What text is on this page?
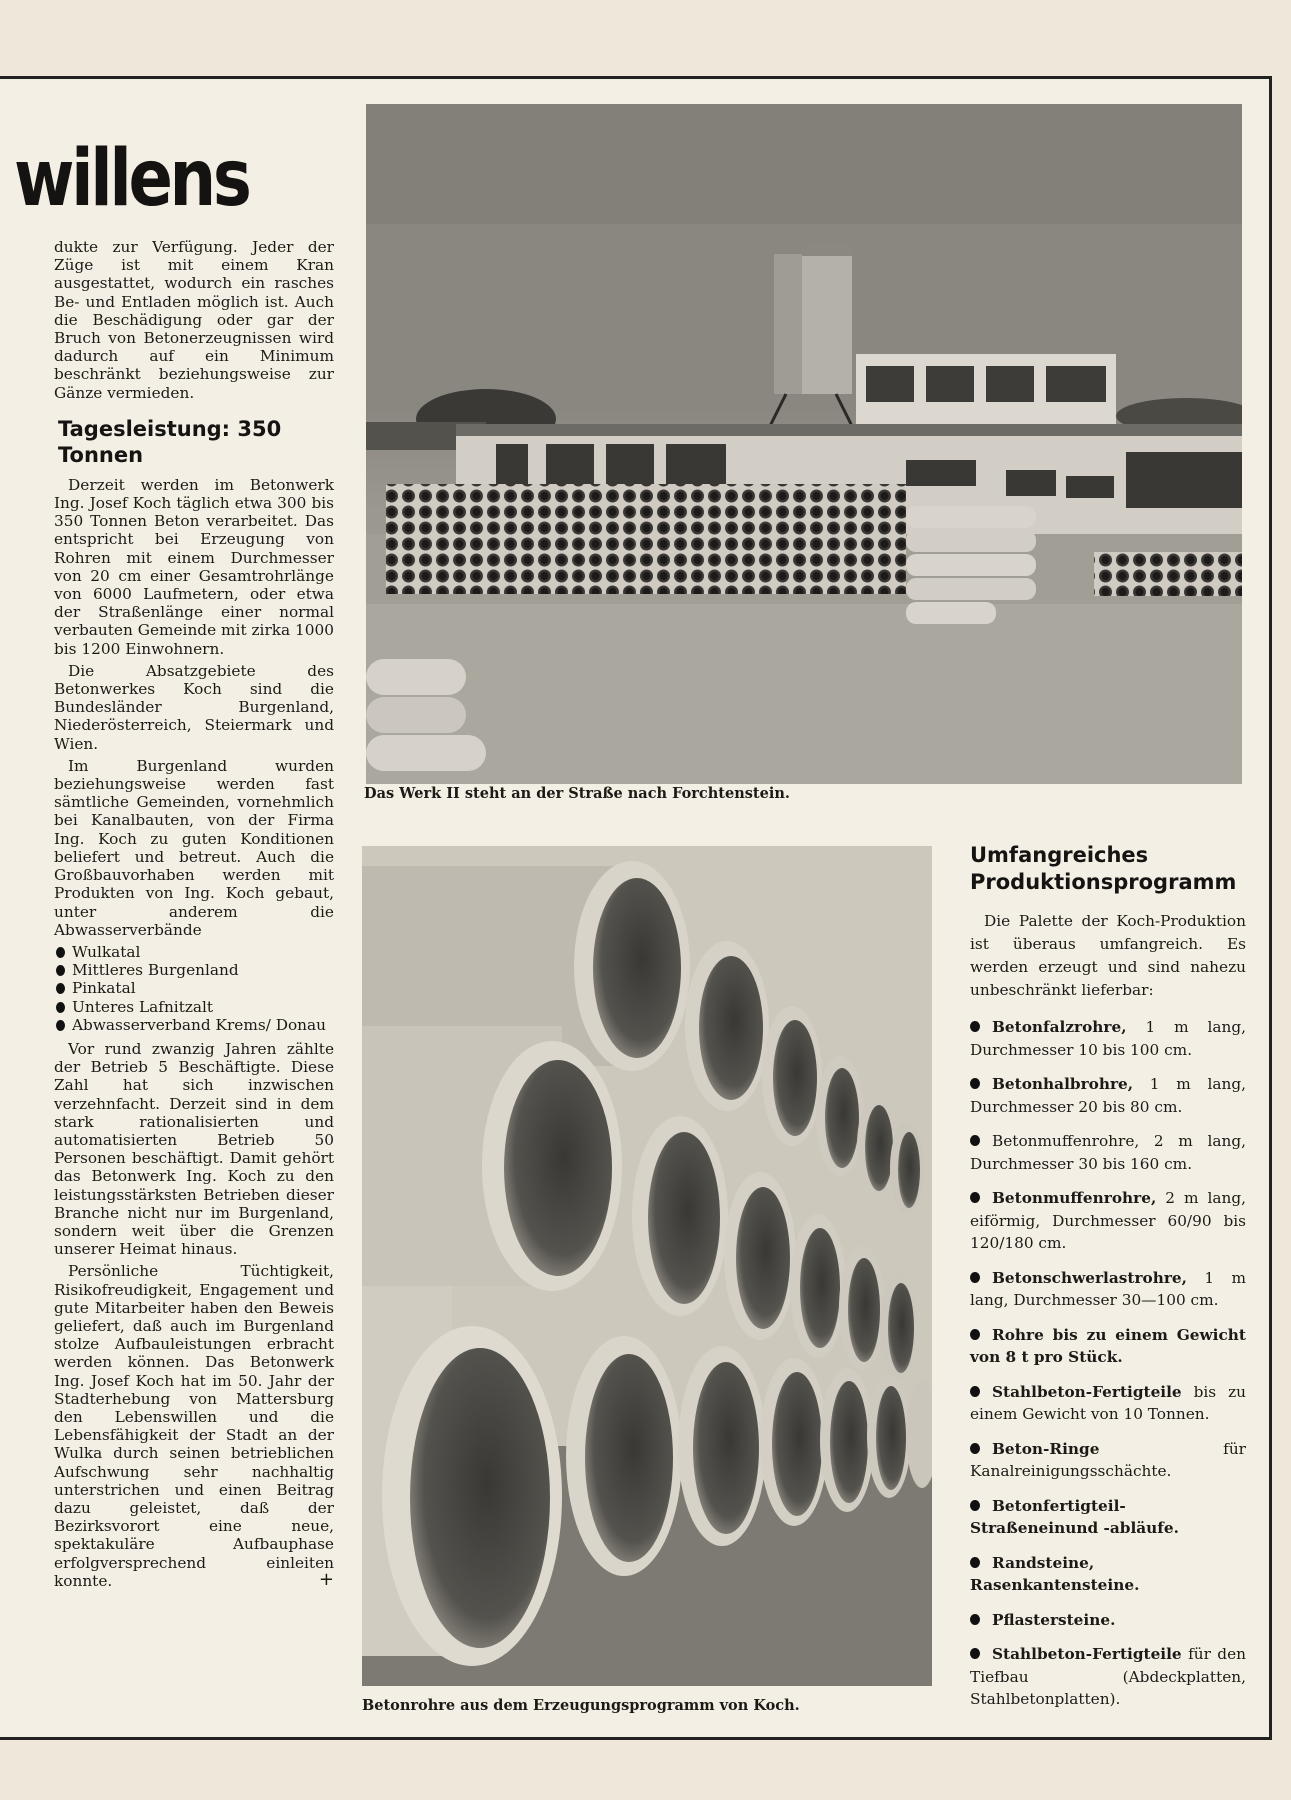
willens

dukte zur Verfügung. Jeder der Züge ist mit einem Kran ausgestattet, wodurch ein rasches Be- und Entladen möglich ist. Auch die Beschädigung oder gar der Bruch von Betonerzeugnissen wird dadurch auf ein Minimum beschränkt beziehungsweise zur Gänze vermieden.

Tagesleistung: 350 Tonnen

Derzeit werden im Betonwerk Ing. Josef Koch täglich etwa 300 bis 350 Tonnen Beton verarbeitet. Das entspricht bei Erzeugung von Rohren mit einem Durchmesser von 20 cm einer Gesamtrohrlänge von 6000 Laufmetern, oder etwa der Straßenlänge einer normal verbauten Gemeinde mit zirka 1000 bis 1200 Einwohnern.

Die Absatzgebiete des Betonwerkes Koch sind die Bundesländer Burgenland, Niederösterreich, Steiermark und Wien.

Im Burgenland wurden beziehungsweise werden fast sämtliche Gemeinden, vornehmlich bei Kanalbauten, von der Firma Ing. Koch zu guten Konditionen beliefert und betreut. Auch die Großbauvorhaben werden mit Produkten von Ing. Koch gebaut, unter anderem die Abwasserverbände

Wulkatal
Mittleres Burgenland
Pinkatal
Unteres Lafnitzalt
Abwasserverband Krems/ Donau

Vor rund zwanzig Jahren zählte der Betrieb 5 Beschäftigte. Diese Zahl hat sich inzwischen verzehnfacht. Derzeit sind in dem stark rationalisierten und automatisierten Betrieb 50 Personen beschäftigt. Damit gehört das Betonwerk Ing. Koch zu den leistungsstärksten Betrieben dieser Branche nicht nur im Burgenland, sondern weit über die Grenzen unserer Heimat hinaus.

Persönliche Tüchtigkeit, Risikofreudigkeit, Engagement und gute Mitarbeiter haben den Beweis geliefert, daß auch im Burgenland stolze Aufbauleistungen erbracht werden können. Das Betonwerk Ing. Josef Koch hat im 50. Jahr der Stadterhebung von Mattersburg den Lebenswillen und die Lebensfähigkeit der Stadt an der Wulka durch seinen betrieblichen Aufschwung sehr nachhaltig unterstrichen und einen Beitrag dazu geleistet, daß der Bezirksvorort eine neue, spektakuläre Aufbauphase erfolgversprechend einleiten konnte.	+

Das Werk II steht an der Straße nach Forchtenstein.
Betonrohre aus dem Erzeugungsprogramm von Koch.
Umfangreiches Produktionsprogramm

Die Palette der Koch-Produktion ist überaus umfangreich. Es werden erzeugt und sind nahezu unbeschränkt lieferbar:

Betonfalzrohre, 1 m lang, Durchmesser 10 bis 100 cm.
Betonhalbrohre, 1 m lang, Durchmesser 20 bis 80 cm.
Betonmuffenrohre, 2 m lang, Durchmesser 30 bis 160 cm.
Betonmuffenrohre, 2 m lang, eiförmig, Durchmesser 60/90 bis 120/180 cm.
Betonschwerlastrohre, 1 m lang, Durchmesser 30—100 cm.
Rohre bis zu einem Gewicht von 8 t pro Stück.
Stahlbeton-Fertigteile bis zu einem Gewicht von 10 Tonnen.
Beton-Ringe für Kanalreinigungsschächte.
Betonfertigteil-Straßeneinund -abläufe.
Randsteine, Rasenkantensteine.
Pflastersteine.
Stahlbeton-Fertigteile für den Tiefbau (Abdeckplatten, Stahlbetonplatten).
